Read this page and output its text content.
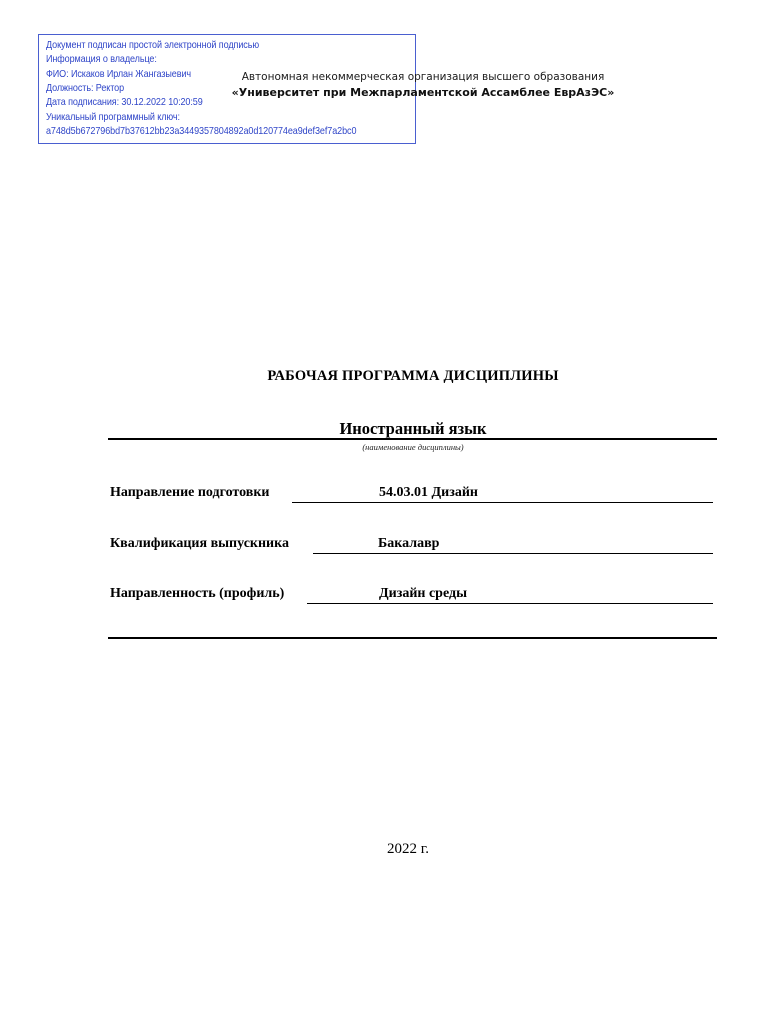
Документ подписан простой электронной подписью
Информация о владельце:
ФИО: Искаков Ирлан Жангазыевич
Должность: Ректор
Дата подписания: 30.12.2022 10:20:59
Уникальный программный ключ:
a748d5b672796bd7b37612bb23a3449357804892a0d120774ea9def3ef7a2bc0
Автономная некоммерческая организация высшего образования
«Университет при Межпарламентской Ассамблее ЕврАзЭС»
РАБОЧАЯ ПРОГРАММА ДИСЦИПЛИНЫ
Иностранный язык
(наименование дисциплины)
Направление подготовки	54.03.01 Дизайн
Квалификация выпускника	Бакалавр
Направленность (профиль)	Дизайн среды
2022 г.
